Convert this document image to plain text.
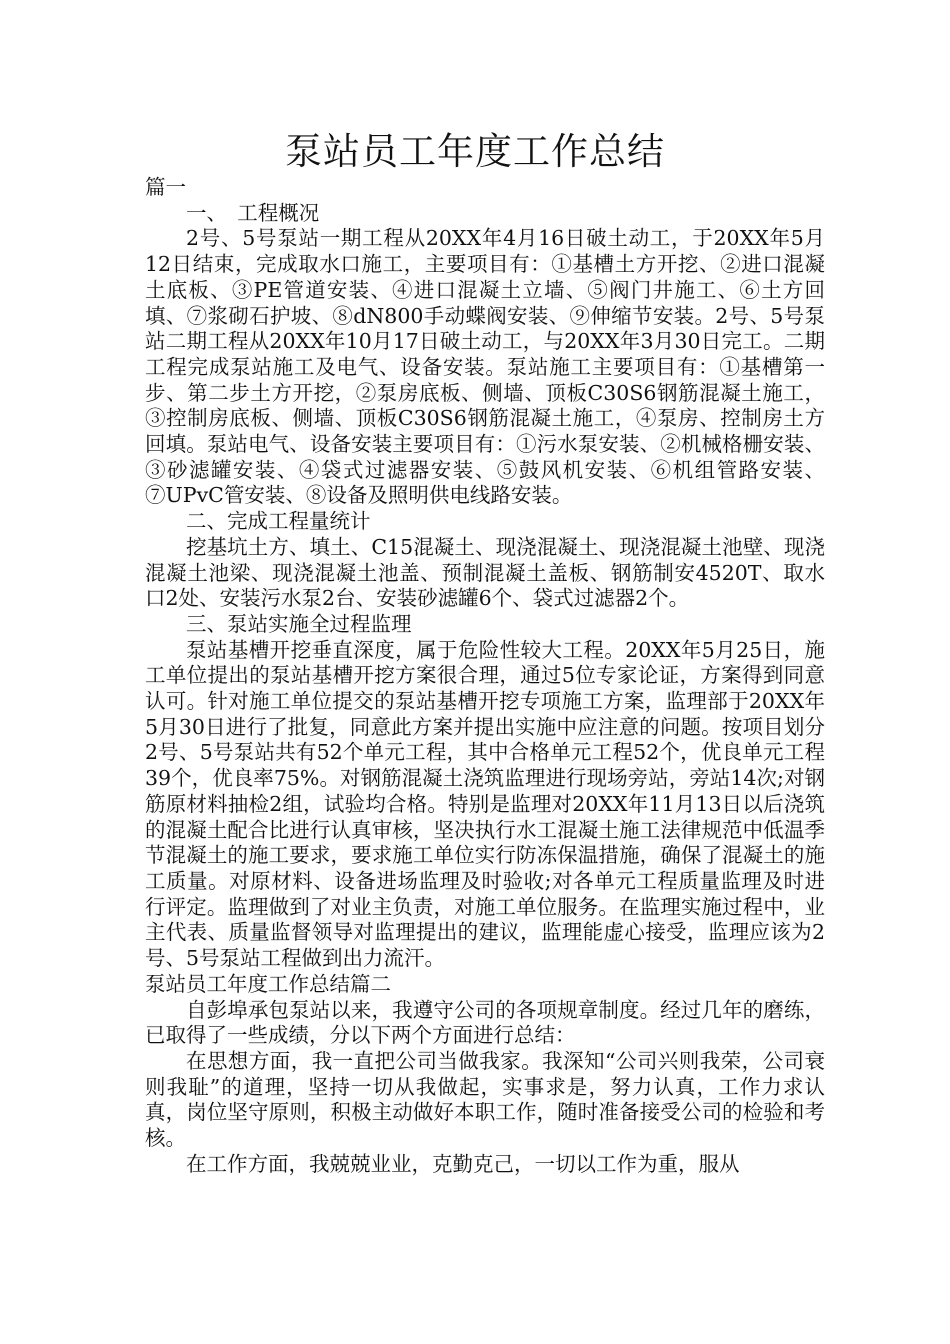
泵站员工年度工作总结

篇一

一、　工程概况

2号、5号泵站一期工程从20XX年4月16日破土动工，于20XX年5月12日结束，完成取水口施工，主要项目有：①基槽土方开挖、②进口混凝土底板、③PE管道安装、④进口混凝土立墙、⑤阀门井施工、⑥土方回填、⑦浆砌石护坡、⑧dN800手动蝶阀安装、⑨伸缩节安装。2号、5号泵站二期工程从20XX年10月17日破土动工，与20XX年3月30日完工。二期工程完成泵站施工及电气、设备安装。泵站施工主要项目有：①基槽第一步、第二步土方开挖，②泵房底板、侧墙、顶板C30S6钢筋混凝土施工，③控制房底板、侧墙、顶板C30S6钢筋混凝土施工，④泵房、控制房土方回填。泵站电气、设备安装主要项目有：①污水泵安装、②机械格栅安装、③砂滤罐安装、④袋式过滤器安装、⑤鼓风机安装、⑥机组管路安装、⑦UPvC管安装、⑧设备及照明供电线路安装。

二、完成工程量统计

挖基坑土方、填土、C15混凝土、现浇混凝土、现浇混凝土池壁、现浇混凝土池梁、现浇混凝土池盖、预制混凝土盖板、钢筋制安4520T、取水口2处、安装污水泵2台、安装砂滤罐6个、袋式过滤器2个。

三、泵站实施全过程监理

泵站基槽开挖垂直深度，属于危险性较大工程。20XX年5月25日，施工单位提出的泵站基槽开挖方案很合理，通过5位专家论证，方案得到同意认可。针对施工单位提交的泵站基槽开挖专项施工方案，监理部于20XX年5月30日进行了批复，同意此方案并提出实施中应注意的问题。按项目划分2号、5号泵站共有52个单元工程，其中合格单元工程52个，优良单元工程39个，优良率75%。对钢筋混凝土浇筑监理进行现场旁站，旁站14次;对钢筋原材料抽检2组，试验均合格。特别是监理对20XX年11月13日以后浇筑的混凝土配合比进行认真审核，坚决执行水工混凝土施工法律规范中低温季节混凝土的施工要求，要求施工单位实行防冻保温措施，确保了混凝土的施工质量。对原材料、设备进场监理及时验收;对各单元工程质量监理及时进行评定。监理做到了对业主负责，对施工单位服务。在监理实施过程中，业主代表、质量监督领导对监理提出的建议，监理能虚心接受，监理应该为2号、5号泵站工程做到出力流汗。

泵站员工年度工作总结篇二

自彭埠承包泵站以来，我遵守公司的各项规章制度。经过几年的磨练，已取得了一些成绩，分以下两个方面进行总结：

在思想方面，我一直把公司当做我家。我深知“公司兴则我荣，公司衰则我耻”的道理，坚持一切从我做起，实事求是，努力认真，工作力求认真，岗位坚守原则，积极主动做好本职工作，随时准备接受公司的检验和考核。

在工作方面，我兢兢业业，克勤克己，一切以工作为重，服从
